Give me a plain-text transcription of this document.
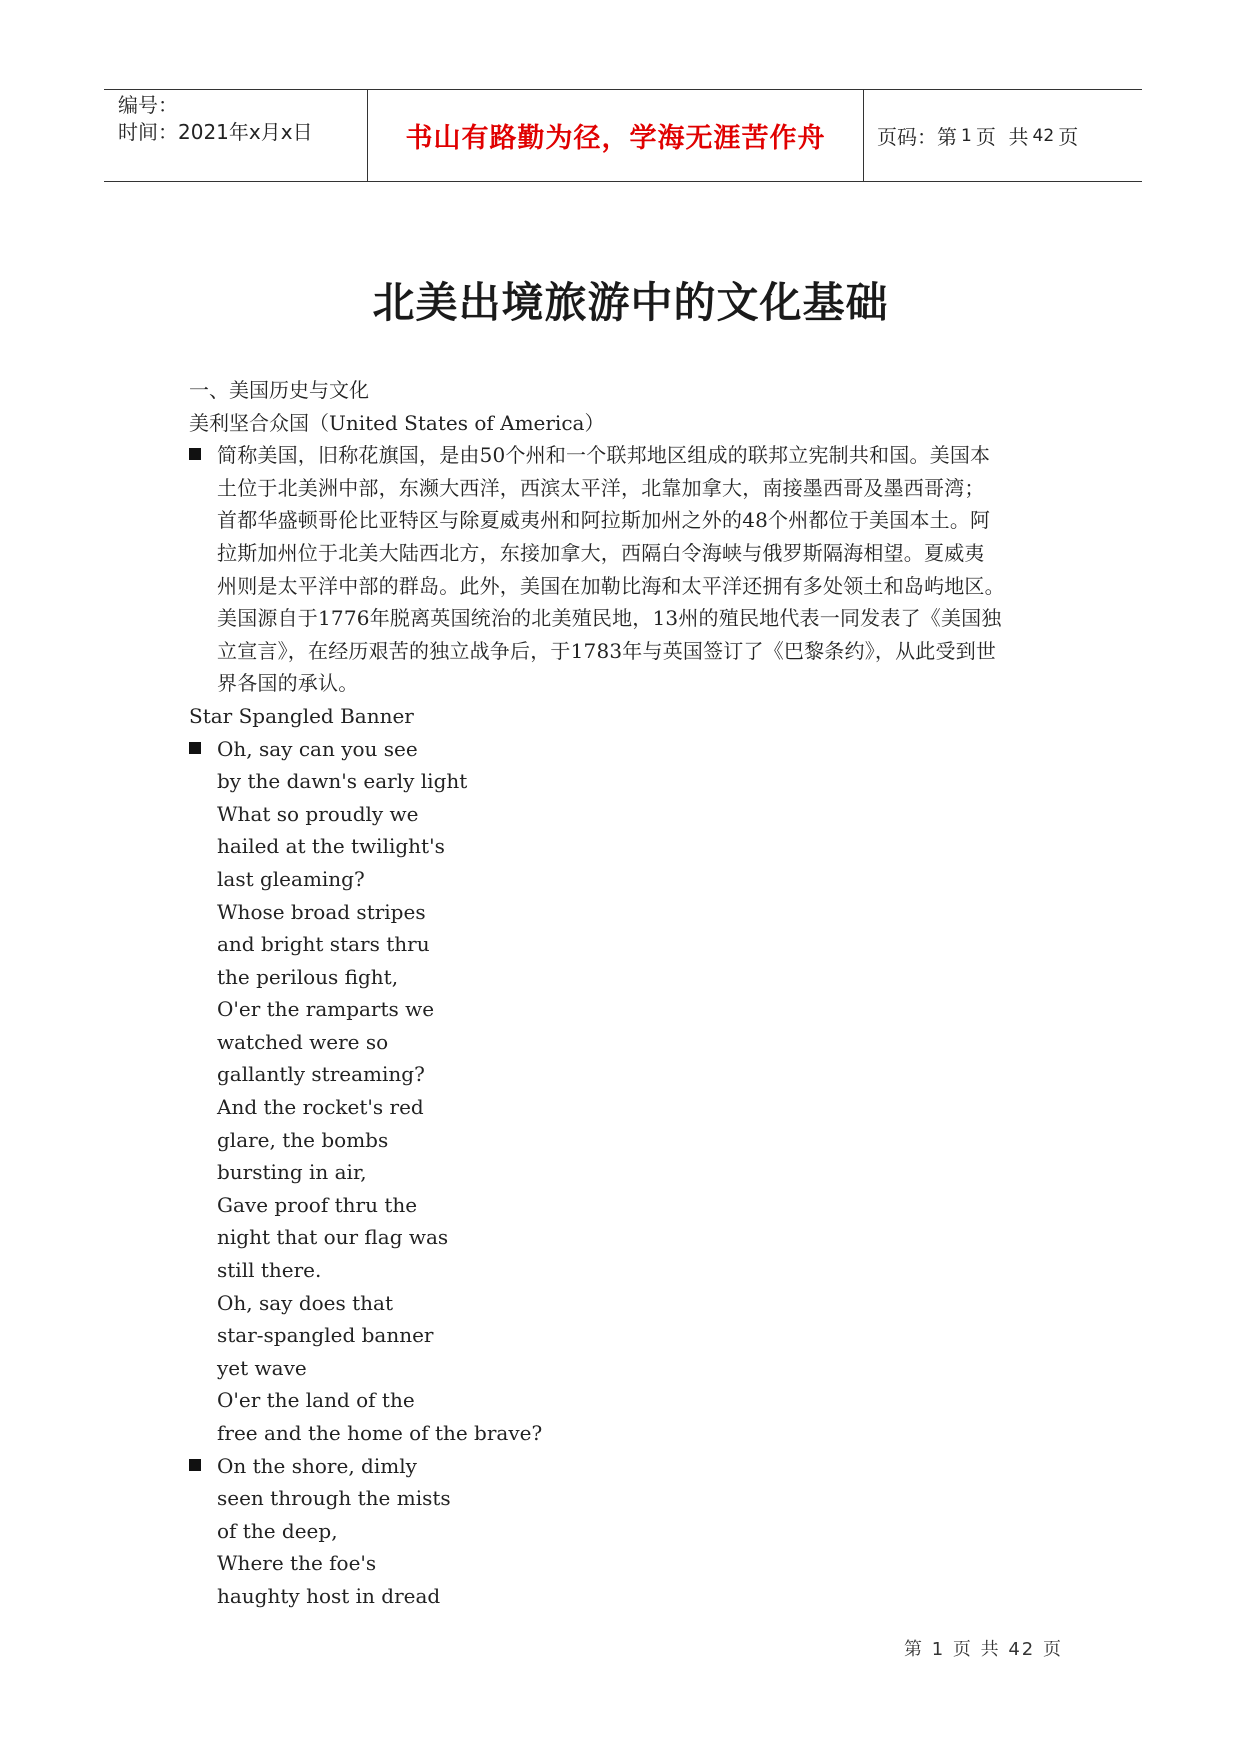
编号：
时间：2021年x月x日	书山有路勤为径，学海无涯苦作舟	页码：第 1 页  共 42 页
北美出境旅游中的文化基础
一、美国历史与文化
美利坚合众国（United States of America）
简称美国，旧称花旗国，是由50个州和一个联邦地区组成的联邦立宪制共和国。美国本
土位于北美洲中部，东濒大西洋，西滨太平洋，北靠加拿大，南接墨西哥及墨西哥湾；
首都华盛顿哥伦比亚特区与除夏威夷州和阿拉斯加州之外的48个州都位于美国本土。阿
拉斯加州位于北美大陆西北方，东接加拿大，西隔白令海峡与俄罗斯隔海相望。夏威夷
州则是太平洋中部的群岛。此外，美国在加勒比海和太平洋还拥有多处领土和岛屿地区。
美国源自于1776年脱离英国统治的北美殖民地，13州的殖民地代表一同发表了《美国独
立宣言》，在经历艰苦的独立战争后，于1783年与英国签订了《巴黎条约》，从此受到世
界各国的承认。
Star Spangled Banner
Oh, say can you see
by the dawn's early light
What so proudly we
hailed at the twilight's
last gleaming?
Whose broad stripes
and bright stars thru
the perilous fight,
O'er the ramparts we
watched were so
gallantly streaming?
And the rocket's red
glare, the bombs
bursting in air,
Gave proof thru the
night that our flag was
still there.
Oh, say does that
star-spangled banner
yet wave
O'er the land of the
free and the home of the brave?
On the shore, dimly
seen through the mists
of the deep,
Where the foe's
haughty host in dread
第 1 页 共 42 页
